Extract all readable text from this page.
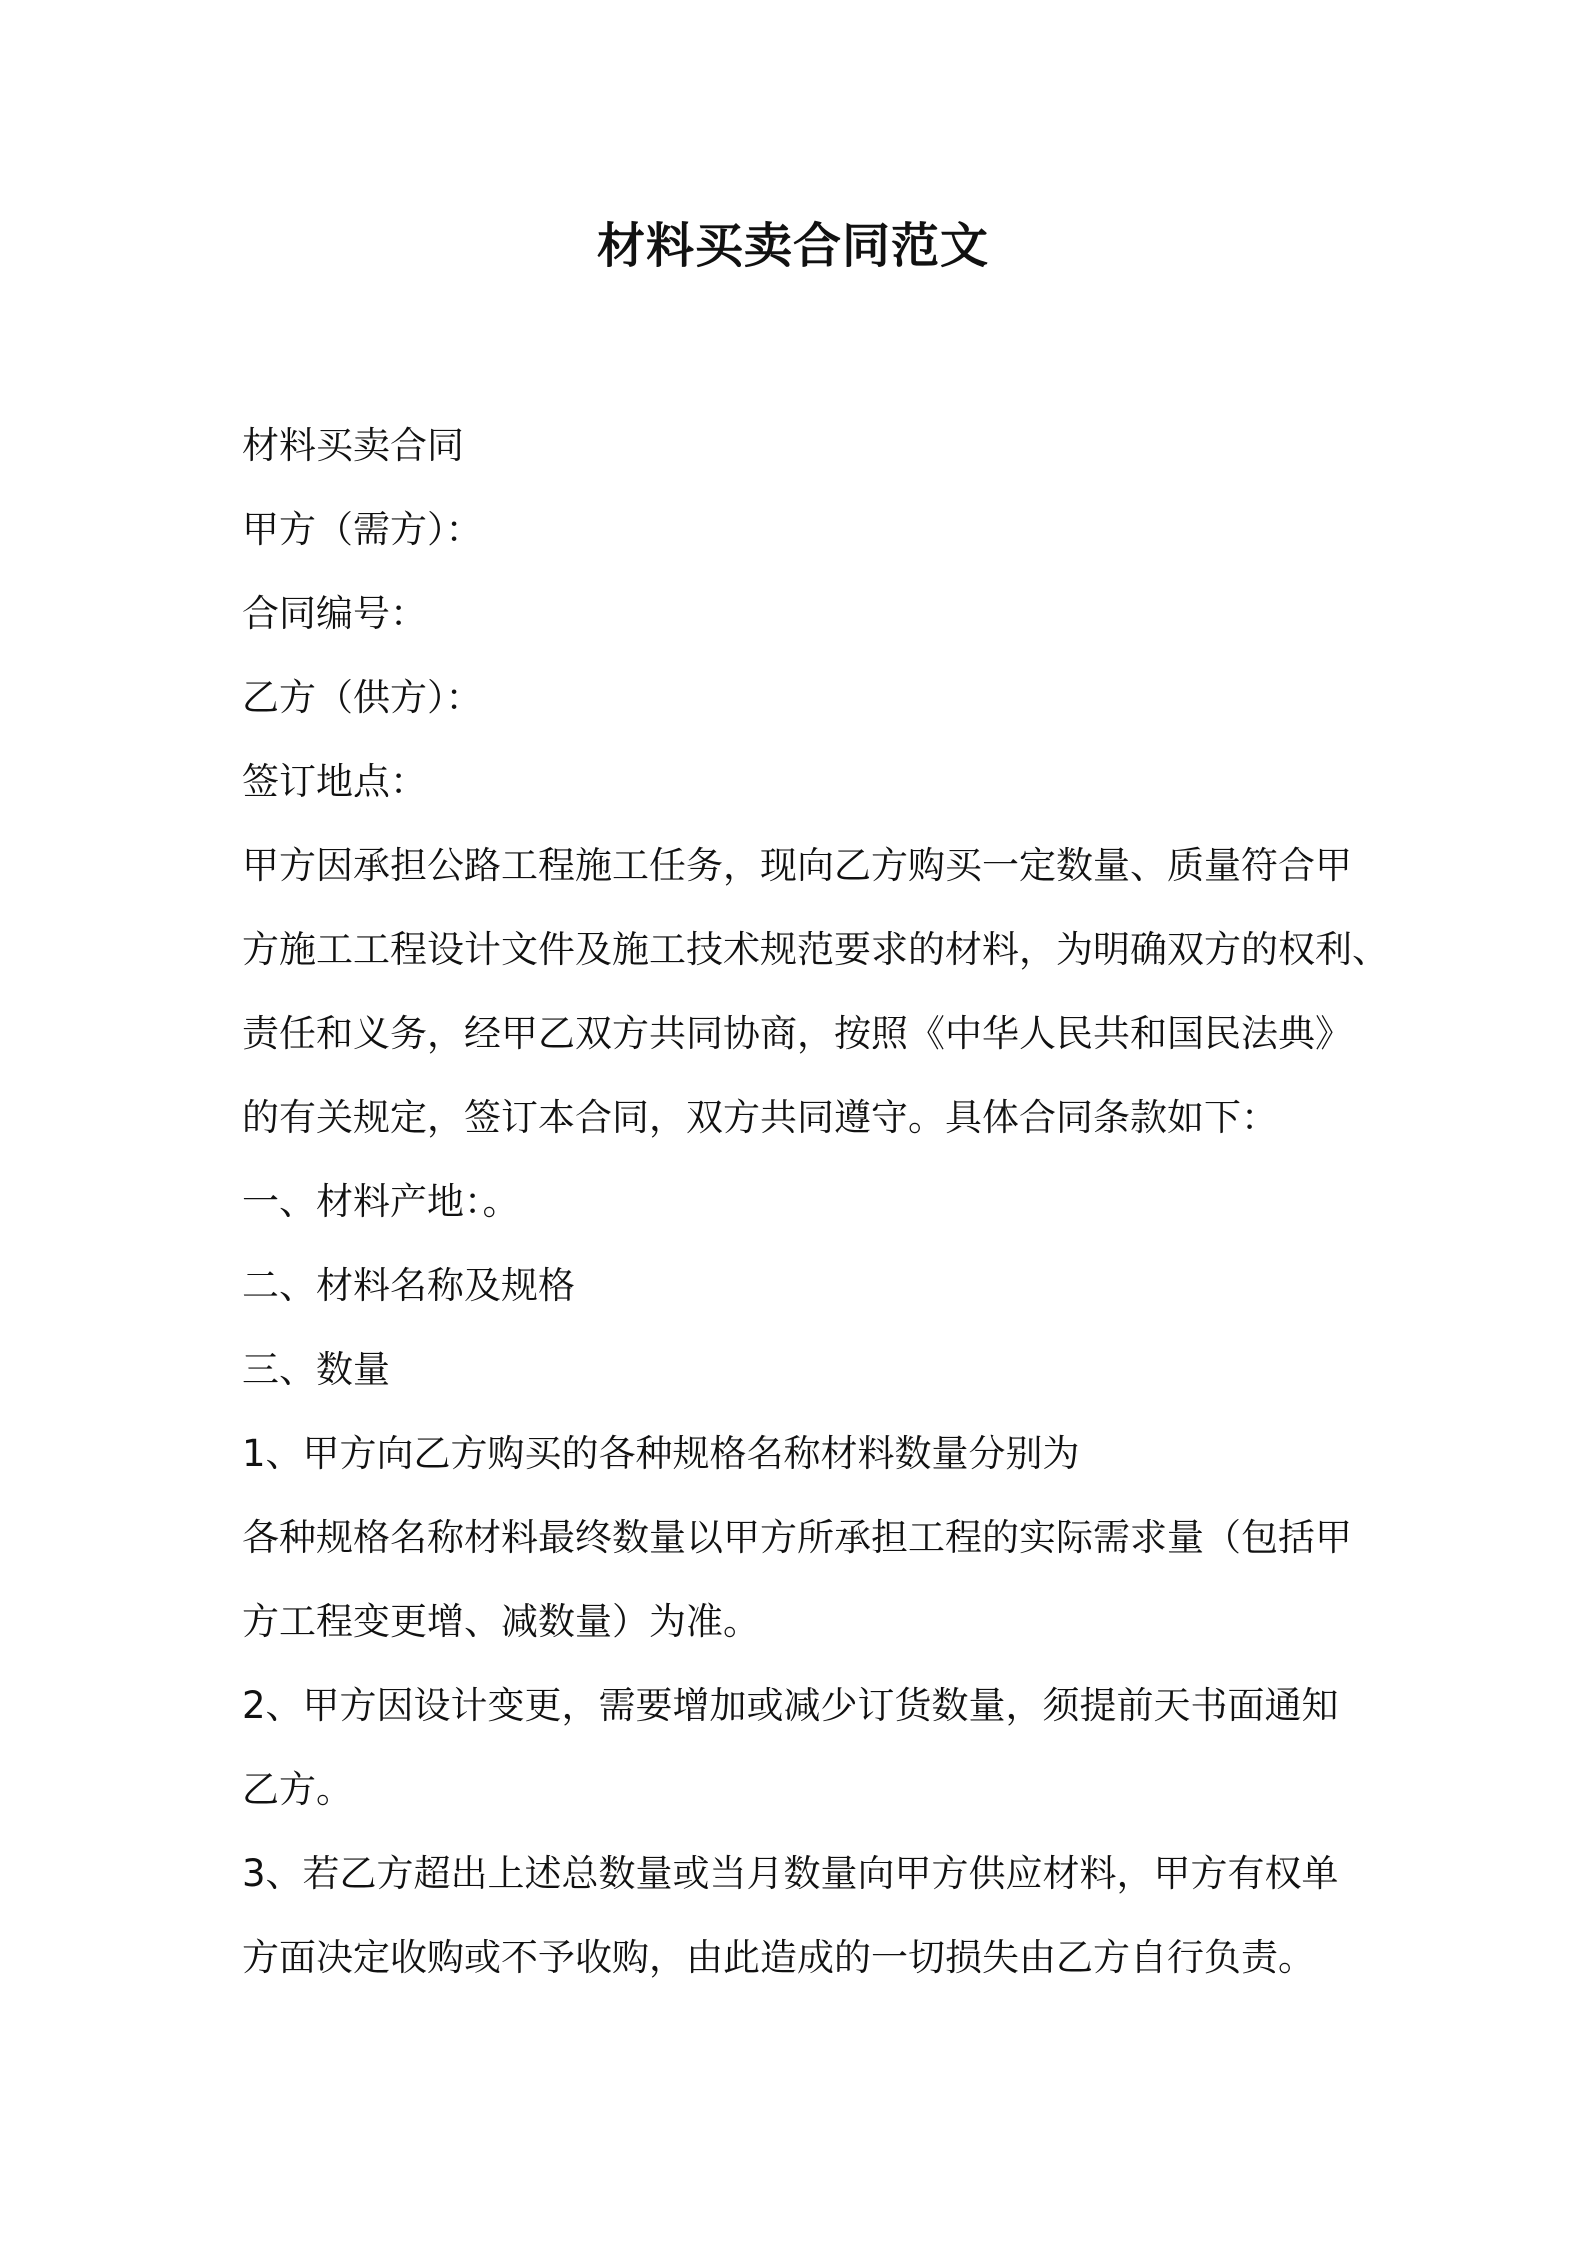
材料买卖合同范文
材料买卖合同
甲方（需方）：
合同编号：
乙方（供方）：
签订地点：
甲方因承担公路工程施工任务，现向乙方购买一定数量、质量符合甲
方施工工程设计文件及施工技术规范要求的材料，为明确双方的权利、
责任和义务，经甲乙双方共同协商，按照《中华人民共和国民法典》
的有关规定，签订本合同，双方共同遵守。具体合同条款如下：
一、材料产地：。
二、材料名称及规格
三、数量
1、甲方向乙方购买的各种规格名称材料数量分别为
各种规格名称材料最终数量以甲方所承担工程的实际需求量（包括甲
方工程变更增、减数量）为准。
2、甲方因设计变更，需要增加或减少订货数量，须提前天书面通知
乙方。
3、若乙方超出上述总数量或当月数量向甲方供应材料，甲方有权单
方面决定收购或不予收购，由此造成的一切损失由乙方自行负责。
